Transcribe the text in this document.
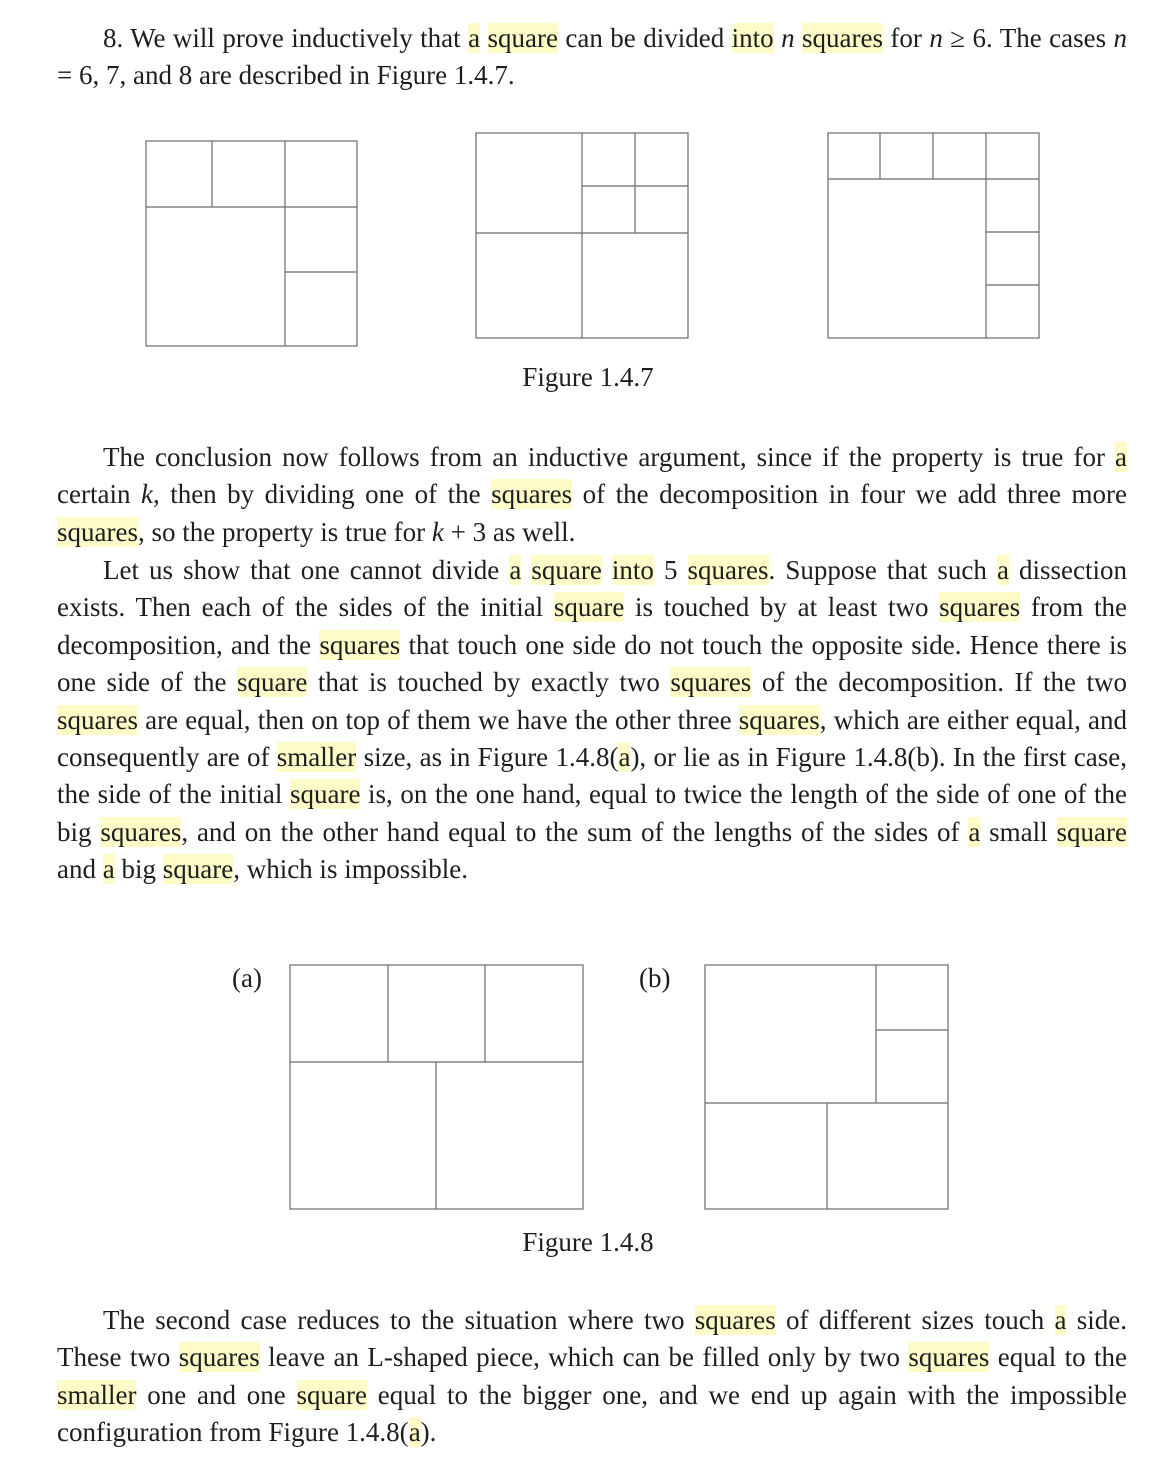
8. We will prove inductively that a square can be divided into n squares for n ≥ 6. The cases n = 6, 7, and 8 are described in Figure 1.4.7.

Figure 1.4.7

The conclusion now follows from an inductive argument, since if the property is true for a certain k, then by dividing one of the squares of the decomposition in four we add three more squares, so the property is true for k + 3 as well.

Let us show that one cannot divide a square into 5 squares. Suppose that such a dissection exists. Then each of the sides of the initial square is touched by at least two squares from the decomposition, and the squares that touch one side do not touch the opposite side. Hence there is one side of the square that is touched by exactly two squares of the decomposition. If the two squares are equal, then on top of them we have the other three squares, which are either equal, and consequently are of smaller size, as in Figure 1.4.8(a), or lie as in Figure 1.4.8(b). In the first case, the side of the initial square is, on the one hand, equal to twice the length of the side of one of the big squares, and on the other hand equal to the sum of the lengths of the sides of a small square and a big square, which is impossible.

(a)	(b)
Figure 1.4.8

The second case reduces to the situation where two squares of different sizes touch a side. These two squares leave an L-shaped piece, which can be filled only by two squares equal to the smaller one and one square equal to the bigger one, and we end up again with the impossible configuration from Figure 1.4.8(a).
